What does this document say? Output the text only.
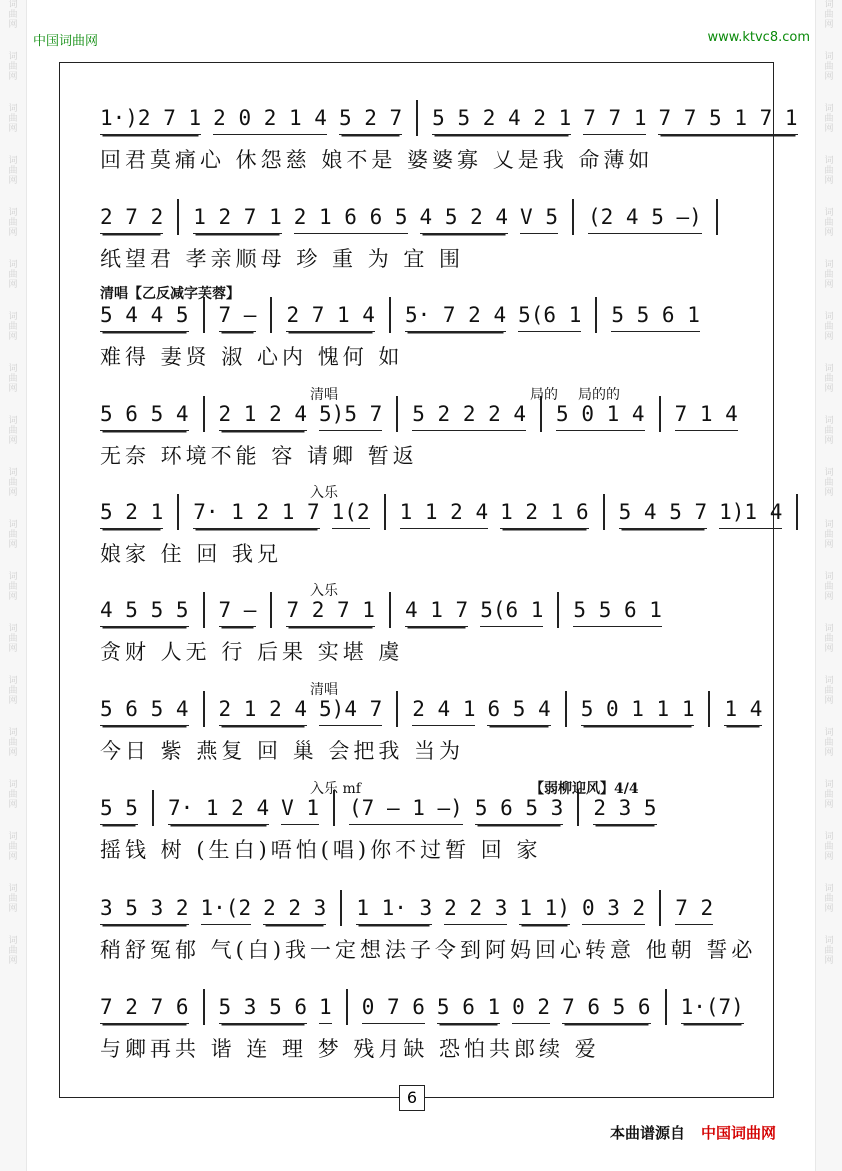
词曲网
词曲网
词曲网
词曲网
词曲网
词曲网
词曲网
词曲网
词曲网
词曲网
词曲网
词曲网
词曲网
词曲网
词曲网
词曲网
词曲网
词曲网
词曲网
词曲网
词曲网
词曲网
词曲网
词曲网
词曲网
词曲网
词曲网
词曲网
词曲网
词曲网
词曲网
词曲网
词曲网
词曲网
词曲网
词曲网
词曲网
词曲网
中国词曲网	www.ktvc8.com
1·)2 7 1 2 0 2 1 4 5 2 7 5 5 2 4 2 1 7 7 1 7 7 5 1 7 1
回君莫痛心 休怨慈 娘不是 婆婆寡 乂是我 命薄如
2 7 2 1 2 7 1 2 1 6 6 5 4 5 2 4 V 5 (2 4 5 –)
纸望君 孝亲顺母 珍 重 为 宜 围
5 4 4 5 7 – 2 7 1 4 5· 7 2 4 5(6 1 5 5 6 1
难得 妻贤 淑 心内 愧何 如
清唱【乙反减字芙蓉】
5 6 5 4 2 1 2 4 5)5 7 5 2 2 2 4 5 0 1 4 7 1 4
无奈 环境不能 容 请卿 暂返
清唱	局的 局的的
5 2 1 7· 1 2 1 7 1(2 1 1 2 4 1 2 1 6 5 4 5 7 1)1 4
娘家 住 回 我兄
入乐
4 5 5 5 7 – 7 2 7 1 4 1 7 5(6 1 5 5 6 1
贪财 人无 行 后果 实堪 虞
入乐
5 6 5 4 2 1 2 4 5)4 7 2 4 1 6 5 4 5 0 1 1 1 1 4
今日 紫 燕复 回 巢 会把我 当为
清唱
5 5 7· 1 2 4 V 1 (7 – 1 –) 5 6 5 3 2 3 5
摇钱 树 (生白)唔怕(唱)你不过暂 回 家
入乐 mf	【弱柳迎风】4/4
3 5 3 2 1·(2 2 2 3 1 1· 3 2 2 3 1 1) 0 3 2 7 2
稍舒冤郁 气(白)我一定想法子令到阿妈回心转意 他朝 誓必
7 2 7 6 5 3 5 6 1 0 7 6 5 6 1 0 2 7 6 5 6 1·(7)
与卿再共 谐 连 理 梦 残月缺 恐怕共郎续 爱
6
本曲谱源自 中国词曲网
